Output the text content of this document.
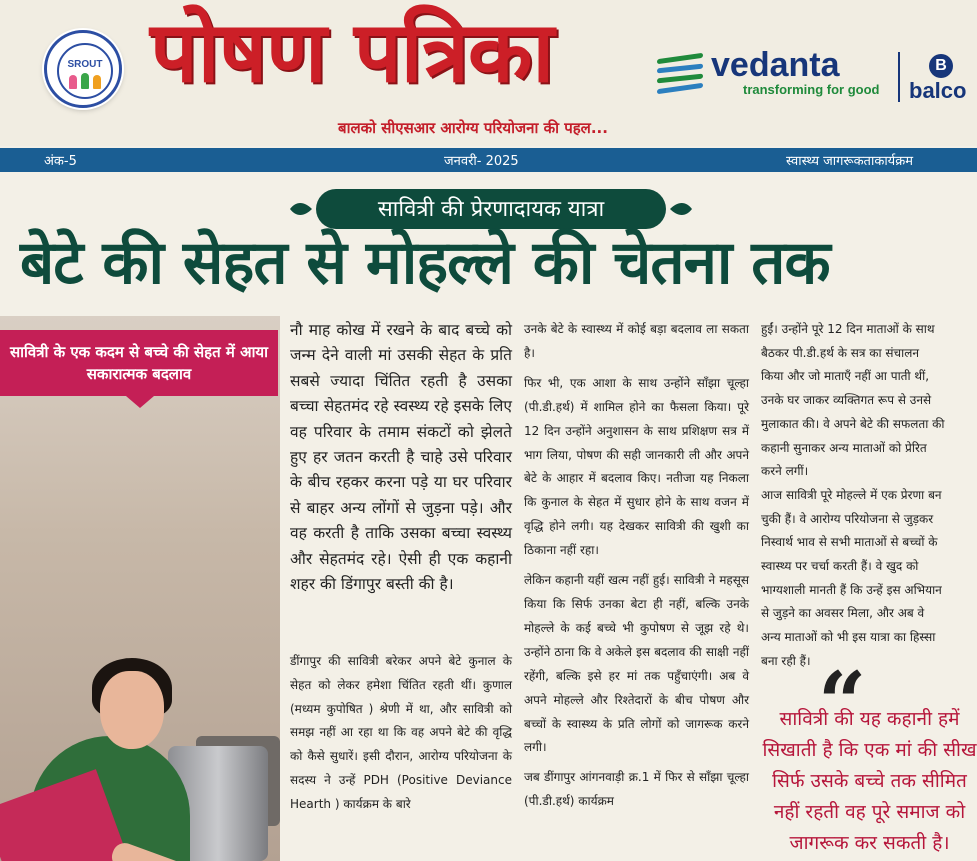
SROUT पोषण पत्रिका
बालको सीएसआर आरोग्य परियोजना की पहल...
vedanta
transforming for good
B
balco
अंक-5	जनवरी- 2025	स्वास्थ्य जागरूकताकार्यक्रम
सावित्री की प्रेरणादायक यात्रा
बेटे की सेहत से मोहल्ले की चेतना तक
सावित्री के एक कदम से बच्चे की सेहत में आया सकारात्मक बदलाव

नौ माह कोख में रखने के बाद बच्चे को जन्म देने वाली मां उसकी सेहत के प्रति सबसे ज्यादा चिंतित रहती है उसका बच्चा सेहतमंद रहे स्वस्थ्य रहे इसके लिए वह परिवार के तमाम संकटों को झेलते हुए हर जतन करती है चाहे उसे परिवार के बीच रहकर करना पड़े या घर परिवार से बाहर अन्य लोंगों से जुड़ना पड़े। और वह करती है ताकि उसका बच्चा स्वस्थ्य और सेहतमंद रहे। ऐसी ही एक कहानी शहर की डिंगापुर बस्ती की है।

डींगापुर की सावित्री बरेकर अपने बेटे कुनाल के सेहत को लेकर हमेशा चिंतित रहती थीं। कुणाल (मध्यम कुपोषित ) श्रेणी में था, और सावित्री को समझ नहीं आ रहा था कि वह अपने बेटे की वृद्धि को कैसे सुधारें। इसी दौरान, आरोग्य परियोजना के सदस्य ने उन्हें PDH (Positive Deviance Hearth ) कार्यक्रम के बारे

उनके बेटे के स्वास्थ्य में कोई बड़ा बदलाव ला सकता है।

फिर भी, एक आशा के साथ उन्होंने साँझा चूल्हा (पी.डी.हर्थ) में शामिल होने का फैसला किया। पूरे 12 दिन उन्होंने अनुशासन के साथ प्रशिक्षण सत्र में भाग लिया, पोषण की सही जानकारी ली और अपने बेटे के आहार में बदलाव किए। नतीजा यह निकला कि कुनाल के सेहत में सुधार होने के साथ वजन में वृद्धि होने लगी। यह देखकर सावित्री की खुशी का ठिकाना नहीं रहा।

लेकिन कहानी यहीं खत्म नहीं हुई। सावित्री ने महसूस किया कि सिर्फ उनका बेटा ही नहीं, बल्कि उनके मोहल्ले के कई बच्चे भी कुपोषण से जूझ रहे थे। उन्होंने ठाना कि वे अकेले इस बदलाव की साक्षी नहीं रहेंगी, बल्कि इसे हर मां तक पहुँचाएंगी। अब वे अपने मोहल्ले और रिश्तेदारों के बीच पोषण और बच्चों के स्वास्थ्य के प्रति लोगों को जागरूक करने लगी।

जब डींगापुर आंगनवाड़ी क्र.1 में फिर से साँझा चूल्हा (पी.डी.हर्थ) कार्यक्रम

हुईं। उन्होंने पूरे 12 दिन माताओं के साथ
बैठकर पी.डी.हर्थ के सत्र का संचालन
किया और जो माताएँ नहीं आ पाती थीं,
उनके घर जाकर व्यक्तिगत रूप से उनसे
मुलाकात की। वे अपने बेटे की सफलता की
कहानी सुनाकर अन्य माताओं को प्रेरित
करने लगीं।
आज सावित्री पूरे मोहल्ले में एक प्रेरणा बन
चुकी हैं। वे आरोग्य परियोजना से जुड़कर
निस्वार्थ भाव से सभी माताओं से बच्चों के
स्वास्थ्य पर चर्चा करती हैं। वे खुद को
भाग्यशाली मानती हैं कि उन्हें इस अभियान
से जुड़ने का अवसर मिला, और अब वे
अन्य माताओं को भी इस यात्रा का हिस्सा
बना रही हैं। “
सावित्री की यह कहानी हमें सिखाती है कि एक मां की सीख सिर्फ उसके बच्चे तक सीमित नहीं रहती वह पूरे समाज को जागरूक कर सकती है।
